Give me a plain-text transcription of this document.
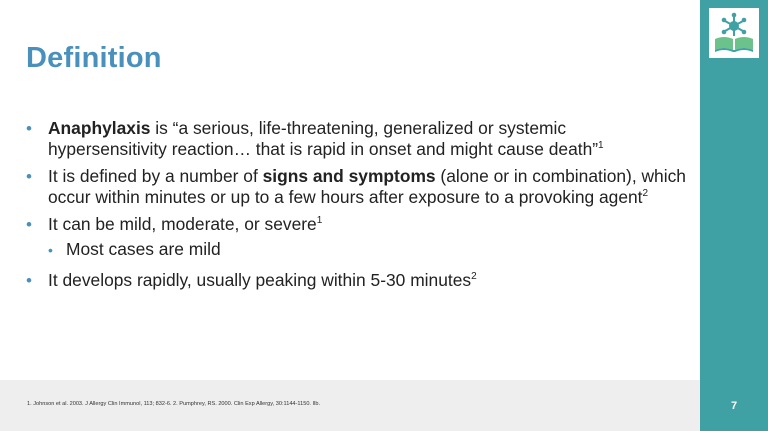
Definition
• Anaphylaxis is “a serious, life-threatening, generalized or systemic hypersensitivity reaction… that is rapid in onset and might cause death”$^1$
• It is defined by a number of signs and symptoms (alone or in combination), which occur within minutes or up to a few hours after exposure to a provoking agent$^2$
• It can be mild, moderate, or severe$^1$
• Most cases are mild
• It develops rapidly, usually peaking within 5-30 minutes$^2$
1. Johnson et al. 2003. J Allergy Clin Immunol, 113; 832-6. 2. Pumphrey, RS. 2000. Clin Exp Allergy, 30:1144-1150. Ilb.	7
